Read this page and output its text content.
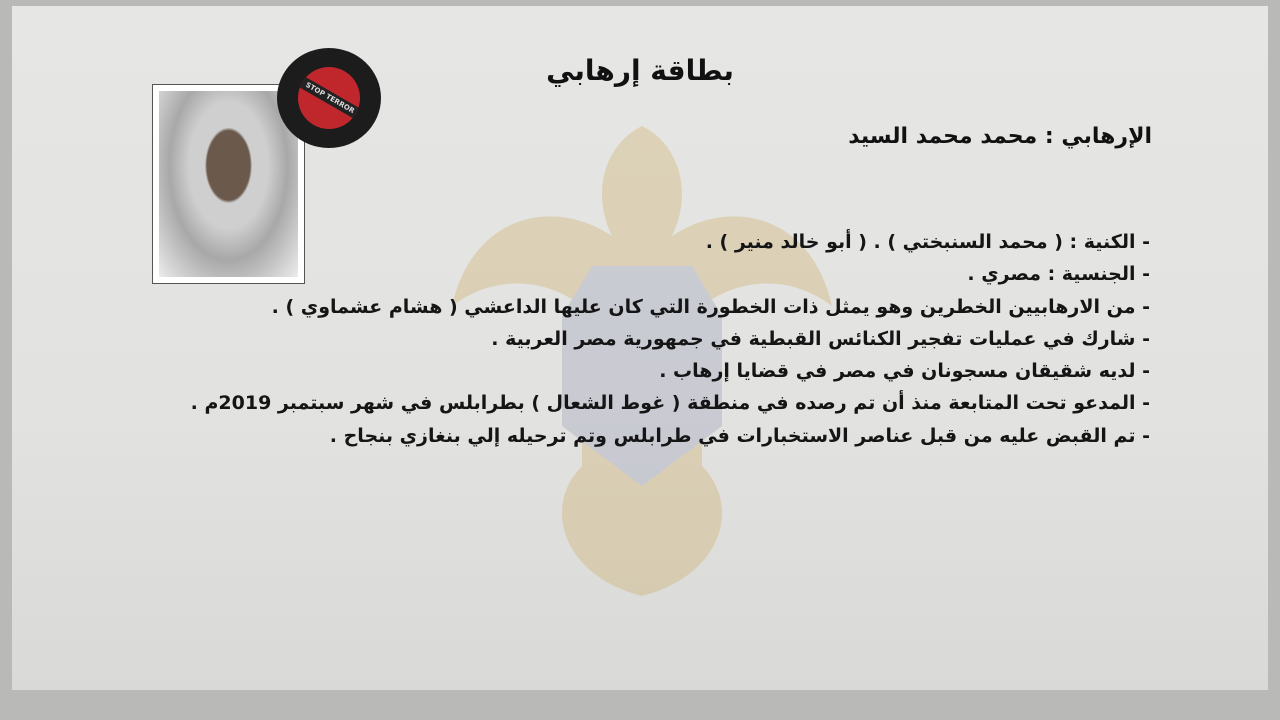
STOP TERROR
بطاقة إرهابي
الإرهابي : محمد محمد السيد
- الكنية : ( محمد السنبختي ) . ( أبو خالد منير ) .
- الجنسية : مصري .
- من الارهابيين الخطرين وهو يمثل ذات الخطورة التي كان عليها الداعشي ( هشام عشماوي ) .
- شارك في عمليات تفجير الكنائس القبطية في جمهورية مصر العربية .
- لديه شقيقان مسجونان في مصر في قضايا إرهاب .
- المدعو تحت المتابعة منذ أن تم رصده في منطقة ( غوط الشعال ) بطرابلس في شهر سبتمبر 2019م .
- تم القبض عليه من قبل عناصر الاستخبارات في طرابلس وتم ترحيله إلي بنغازي بنجاح .
